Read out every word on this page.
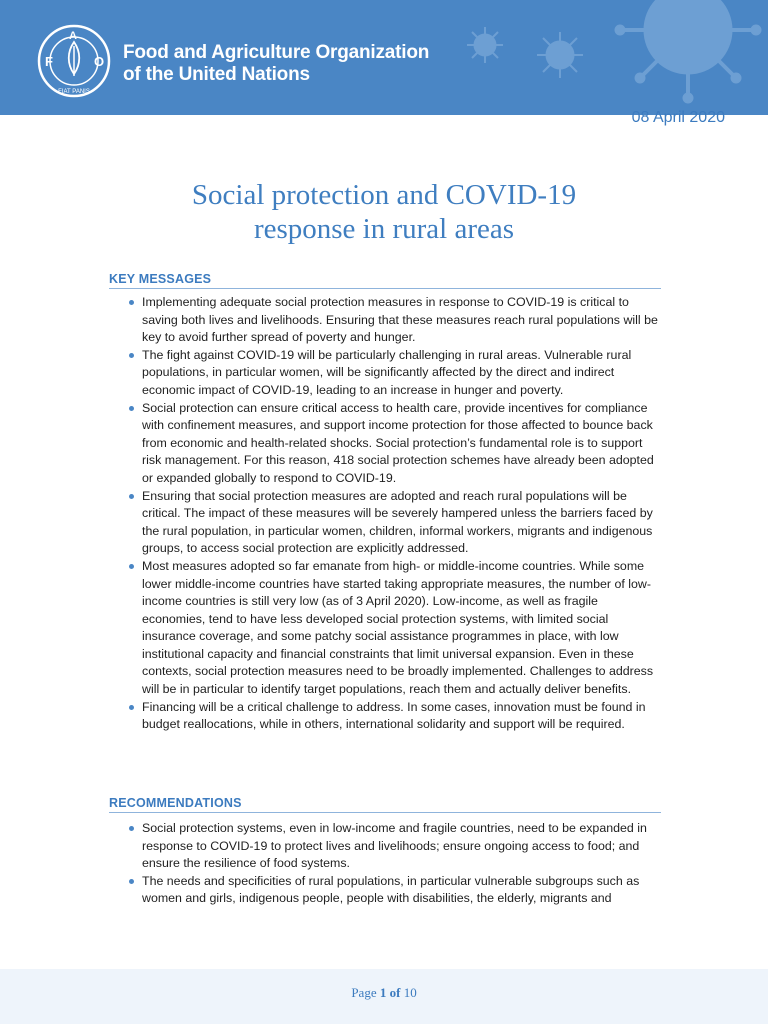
F
A
O
FIAT PANIS
Food and Agriculture Organization
of the United Nations
08 April 2020
Social protection and COVID-19
response in rural areas
KEY MESSAGES
Implementing adequate social protection measures in response to COVID-19 is critical to saving both lives and livelihoods. Ensuring that these measures reach rural populations will be key to avoid further spread of poverty and hunger.
The fight against COVID-19 will be particularly challenging in rural areas. Vulnerable rural populations, in particular women, will be significantly affected by the direct and indirect economic impact of COVID-19, leading to an increase in hunger and poverty.
Social protection can ensure critical access to health care, provide incentives for compliance with confinement measures, and support income protection for those affected to bounce back from economic and health-related shocks. Social protection’s fundamental role is to support risk management. For this reason, 418 social protection schemes have already been adopted or expanded globally to respond to COVID-19.
Ensuring that social protection measures are adopted and reach rural populations will be critical. The impact of these measures will be severely hampered unless the barriers faced by the rural population, in particular women, children, informal workers, migrants and indigenous groups, to access social protection are explicitly addressed.
Most measures adopted so far emanate from high- or middle-income countries. While some lower middle-income countries have started taking appropriate measures, the number of low-income countries is still very low (as of 3 April 2020). Low-income, as well as fragile economies, tend to have less developed social protection systems, with limited social insurance coverage, and some patchy social assistance programmes in place, with low institutional capacity and financial constraints that limit universal expansion. Even in these contexts, social protection measures need to be broadly implemented. Challenges to address will be in particular to identify target populations, reach them and actually deliver benefits.
Financing will be a critical challenge to address. In some cases, innovation must be found in budget reallocations, while in others, international solidarity and support will be required.
RECOMMENDATIONS
Social protection systems, even in low-income and fragile countries, need to be expanded in response to COVID-19 to protect lives and livelihoods; ensure ongoing access to food; and ensure the resilience of food systems.
The needs and specificities of rural populations, in particular vulnerable subgroups such as women and girls, indigenous people, people with disabilities, the elderly, migrants and
Page 1 of 10
